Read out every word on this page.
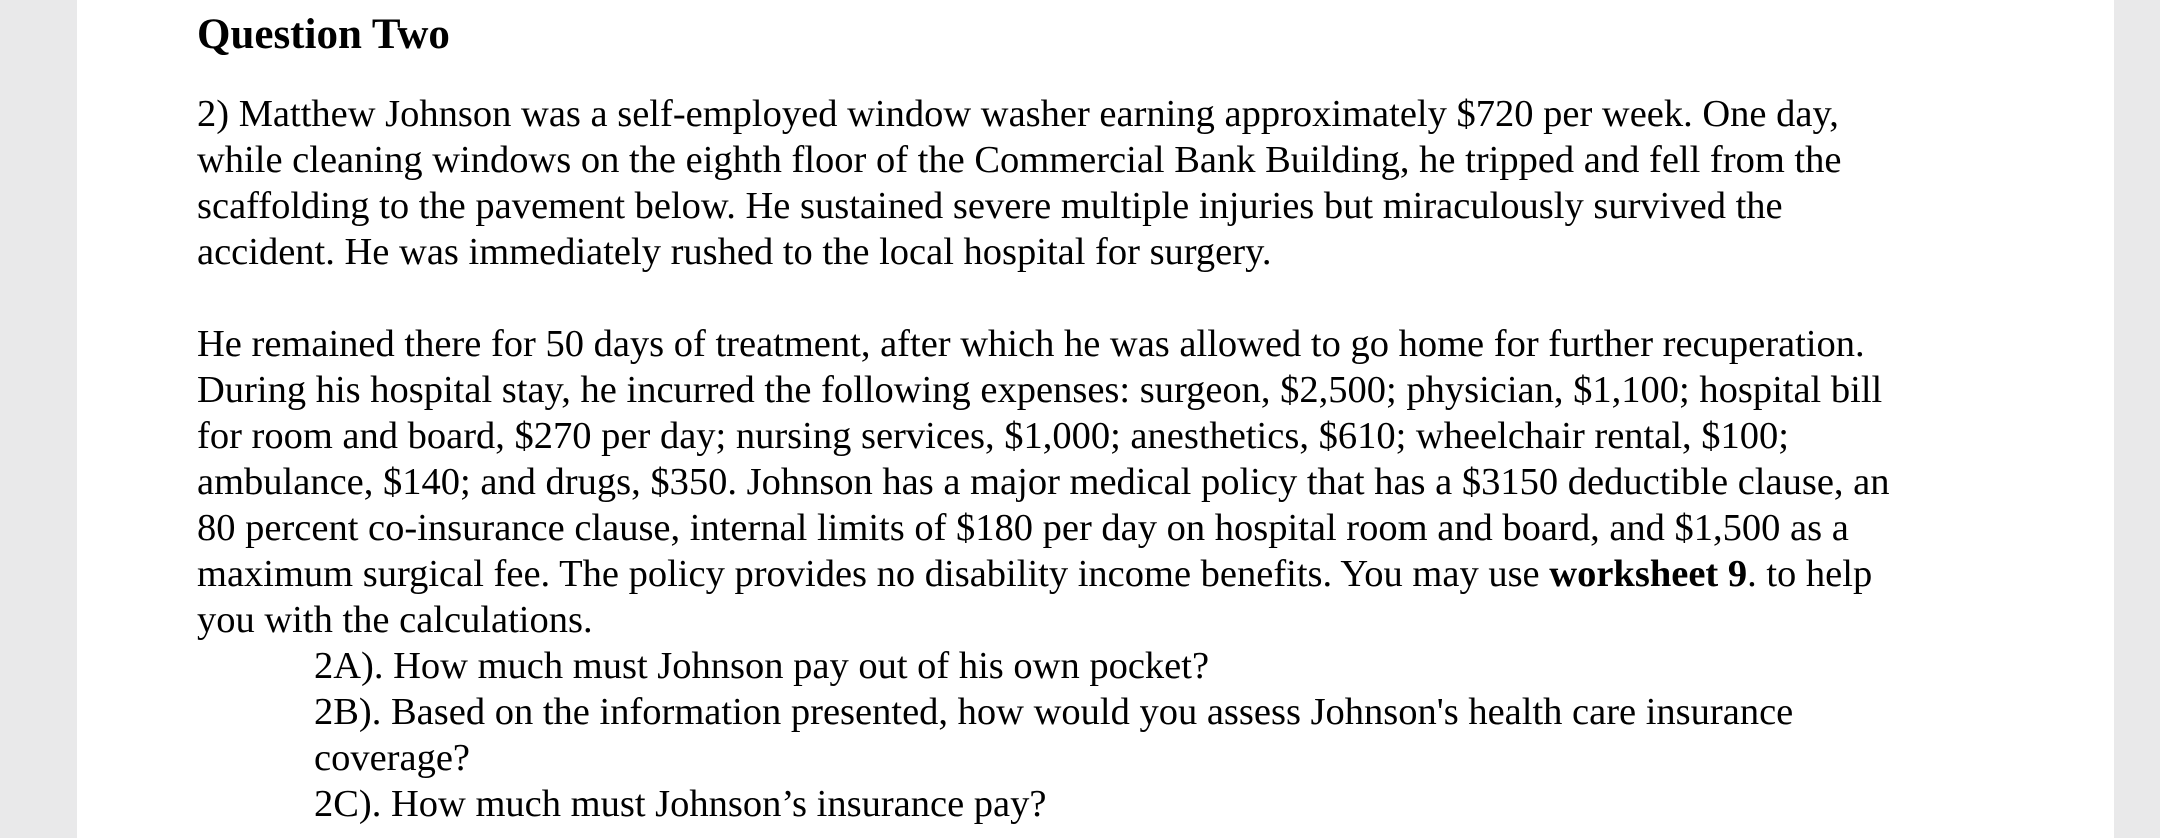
Question Two
2) Matthew Johnson was a self-employed window washer earning approximately $720 per week. One day,
while cleaning windows on the eighth floor of the Commercial Bank Building, he tripped and fell from the
scaffolding to the pavement below. He sustained severe multiple injuries but miraculously survived the
accident. He was immediately rushed to the local hospital for surgery.
He remained there for 50 days of treatment, after which he was allowed to go home for further recuperation.
During his hospital stay, he incurred the following expenses: surgeon, $2,500; physician, $1,100; hospital bill
for room and board, $270 per day; nursing services, $1,000; anesthetics, $610; wheelchair rental, $100;
ambulance, $140; and drugs, $350. Johnson has a major medical policy that has a $3150 deductible clause, an
80 percent co-insurance clause, internal limits of $180 per day on hospital room and board, and $1,500 as a
maximum surgical fee. The policy provides no disability income benefits. You may use worksheet 9. to help
you with the calculations.
2A). How much must Johnson pay out of his own pocket?
2B). Based on the information presented, how would you assess Johnson's health care insurance
coverage?
2C). How much must Johnson’s insurance pay?
